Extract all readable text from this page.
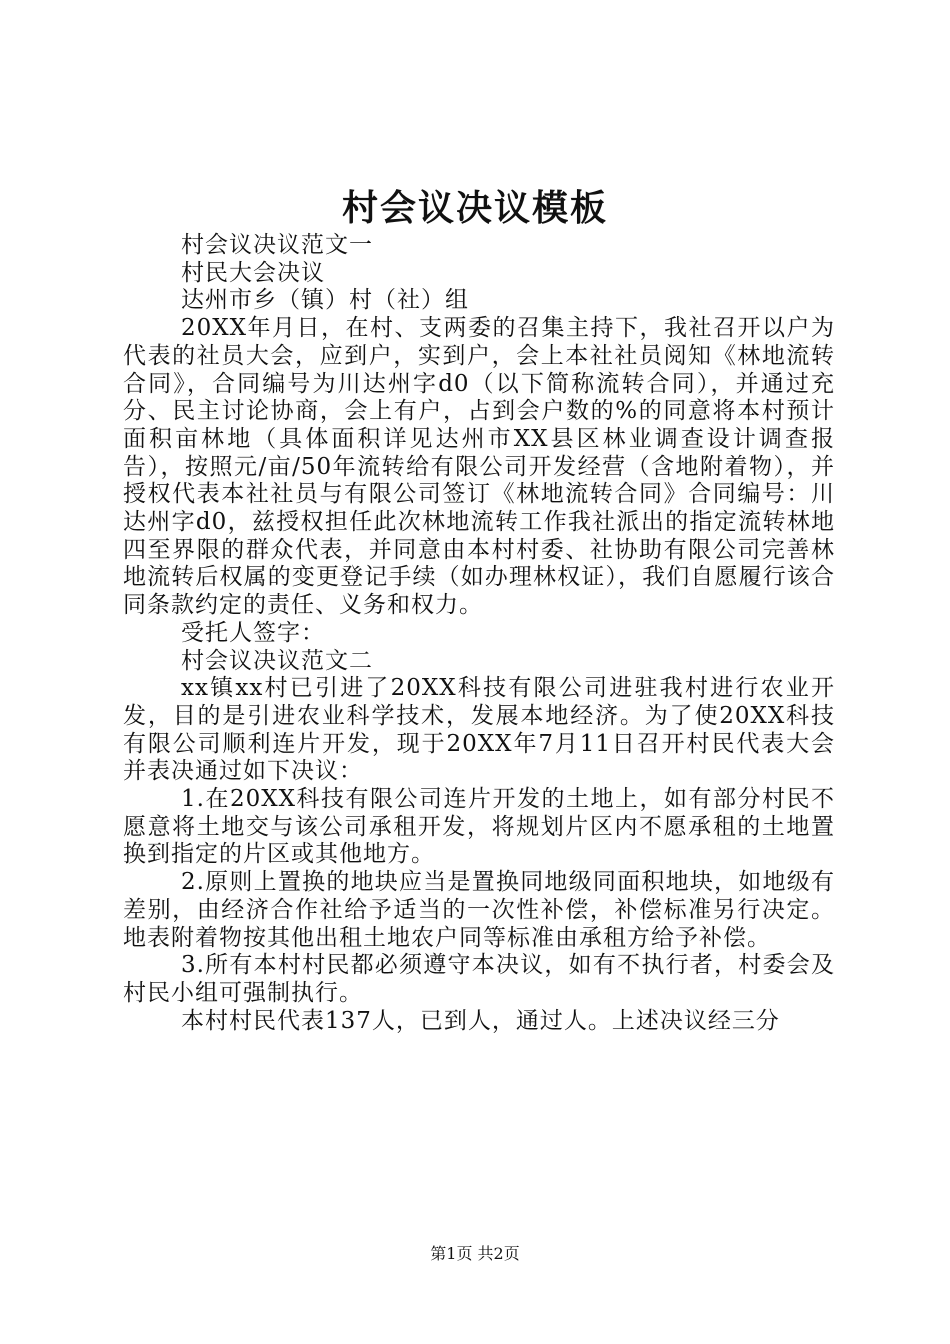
村会议决议模板

村会议决议范文一

村民大会决议

达州市乡（镇）村（社）组

20XX年月日，在村、支两委的召集主持下，我社召开以户为代表的社员大会，应到户，实到户，会上本社社员阅知《林地流转合同》，合同编号为川达州字d0（以下简称流转合同），并通过充分、民主讨论协商，会上有户，占到会户数的%的同意将本村预计面积亩林地（具体面积详见达州市XX县区林业调查设计调查报告），按照元/亩/50年流转给有限公司开发经营（含地附着物），并授权代表本社社员与有限公司签订《林地流转合同》合同编号：川达州字d0，兹授权担任此次林地流转工作我社派出的指定流转林地四至界限的群众代表，并同意由本村村委、社协助有限公司完善林地流转后权属的变更登记手续（如办理林权证），我们自愿履行该合同条款约定的责任、义务和权力。

受托人签字：

村会议决议范文二

xx镇xx村已引进了20XX科技有限公司进驻我村进行农业开发，目的是引进农业科学技术，发展本地经济。为了使20XX科技有限公司顺利连片开发，现于20XX年7月11日召开村民代表大会并表决通过如下决议：

1.在20XX科技有限公司连片开发的土地上，如有部分村民不愿意将土地交与该公司承租开发，将规划片区内不愿承租的土地置换到指定的片区或其他地方。

2.原则上置换的地块应当是置换同地级同面积地块，如地级有差别，由经济合作社给予适当的一次性补偿，补偿标准另行决定。地表附着物按其他出租土地农户同等标准由承租方给予补偿。

3.所有本村村民都必须遵守本决议，如有不执行者，村委会及村民小组可强制执行。

本村村民代表137人，已到人，通过人。上述决议经三分

第1页 共2页
